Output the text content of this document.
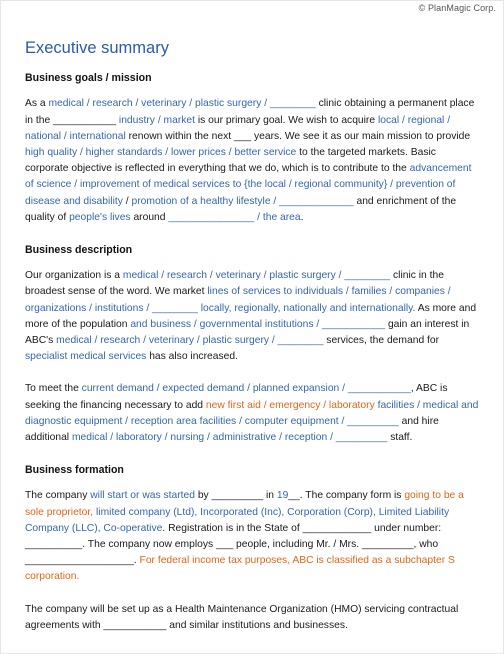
© PlanMagic Corp.
Executive summary
Business goals / mission

As a medical / research / veterinary / plastic surgery / ________ clinic obtaining a permanent place in the ___________ industry / market is our primary goal. We wish to acquire local / regional / national / international renown within the next ___ years. We see it as our main mission to provide high quality / higher standards / lower prices / better service to the targeted markets. Basic corporate objective is reflected in everything that we do, which is to contribute to the advancement of science / improvement of medical services to {the local / regional community} / prevention of disease and disability / promotion of a healthy lifestyle / _____________ and enrichment of the quality of people's lives around _______________ / the area.

Business description

Our organization is a medical / research / veterinary / plastic surgery / ________ clinic in the broadest sense of the word. We market lines of services to individuals / families / companies / organizations / institutions / ________ locally, regionally, nationally and internationally. As more and more of the population and business / governmental institutions / ___________ gain an interest in ABC's medical / research / veterinary / plastic surgery / ________ services, the demand for specialist medical services has also increased.

To meet the current demand / expected demand / planned expansion / ___________, ABC is seeking the financing necessary to add new first aid / emergency / laboratory facilities / medical and diagnostic equipment / reception area facilities / computer equipment / _________ and hire additional medical / laboratory / nursing / administrative / reception / _________ staff.

Business formation

The company will start or was started by _________ in 19__. The company form is going to be a sole proprietor, limited company (Ltd), Incorporated (Inc), Corporation (Corp), Limited Liability Company (LLC), Co-operative. Registration is in the State of ____________ under number: __________. The company now employs ___ people, including Mr. / Mrs. _________, who ___________________. For federal income tax purposes, ABC is classified as a subchapter S corporation.

The company will be set up as a Health Maintenance Organization (HMO) servicing contractual agreements with ___________ and similar institutions and businesses.
